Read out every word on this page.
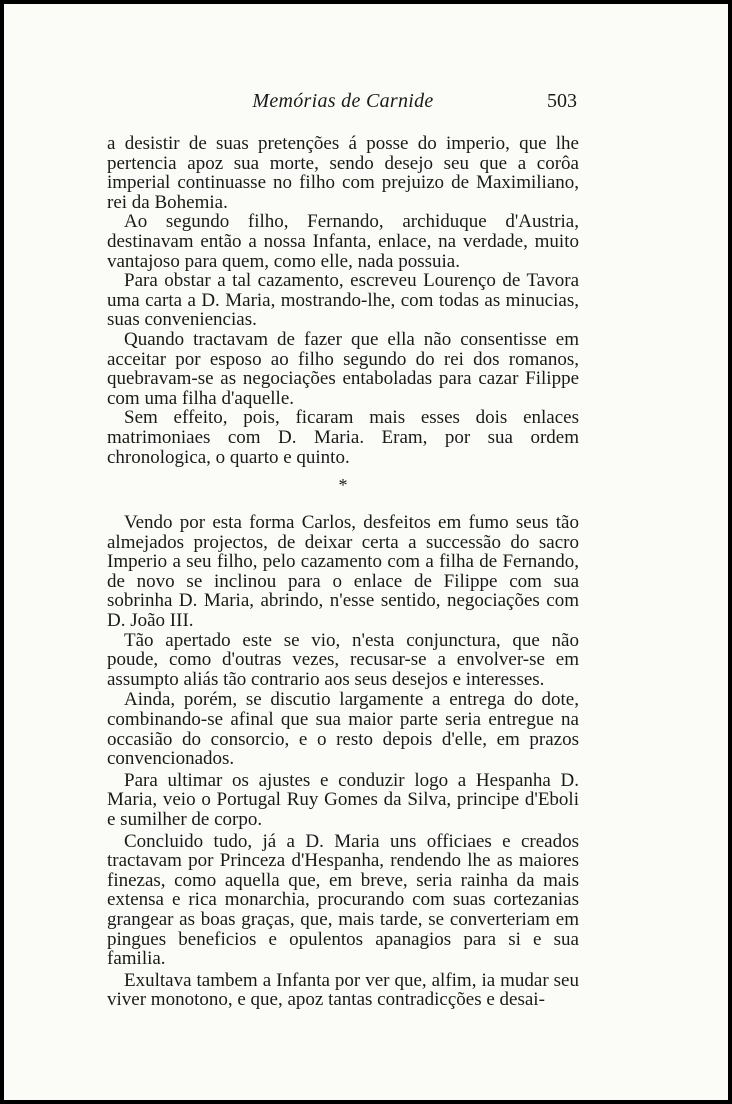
Memórias de Carnide	503

a desistir de suas pretenções á posse do imperio, que lhe pertencia apoz sua morte, sendo desejo seu que a corôa imperial continuasse no filho com prejuizo de Maximiliano, rei da Bohemia.

Ao segundo filho, Fernando, archiduque d'Austria, destinavam então a nossa Infanta, enlace, na verdade, muito vantajoso para quem, como elle, nada possuia.

Para obstar a tal cazamento, escreveu Lourenço de Tavora uma carta a D. Maria, mostrando-lhe, com todas as minucias, suas conveniencias.

Quando tractavam de fazer que ella não consentisse em acceitar por esposo ao filho segundo do rei dos romanos, quebravam-se as negociações entaboladas para cazar Filippe com uma filha d'aquelle.

Sem effeito, pois, ficaram mais esses dois enlaces matrimoniaes com D. Maria. Eram, por sua ordem chronologica, o quarto e quinto.

*

Vendo por esta forma Carlos, desfeitos em fumo seus tão almejados projectos, de deixar certa a successão do sacro Imperio a seu filho, pelo cazamento com a filha de Fernando, de novo se inclinou para o enlace de Filippe com sua sobrinha D. Maria, abrindo, n'esse sentido, negociações com D. João III.

Tão apertado este se vio, n'esta conjunctura, que não poude, como d'outras vezes, recusar-se a envolver-se em assumpto aliás tão contrario aos seus desejos e interesses.

Ainda, porém, se discutio largamente a entrega do dote, combinando-se afinal que sua maior parte seria entregue na occasião do consorcio, e o resto depois d'elle, em prazos convencionados.

Para ultimar os ajustes e conduzir logo a Hespanha D. Maria, veio o Portugal Ruy Gomes da Silva, principe d'Eboli e sumilher de corpo.

Concluido tudo, já a D. Maria uns officiaes e creados tractavam por Princeza d'Hespanha, rendendo lhe as maiores finezas, como aquella que, em breve, seria rainha da mais extensa e rica monarchia, procurando com suas cortezanias grangear as boas graças, que, mais tarde, se converteriam em pingues beneficios e opulentos apanagios para si e sua familia.

Exultava tambem a Infanta por ver que, alfim, ia mudar seu viver monotono, e que, apoz tantas contradicções e desai-
